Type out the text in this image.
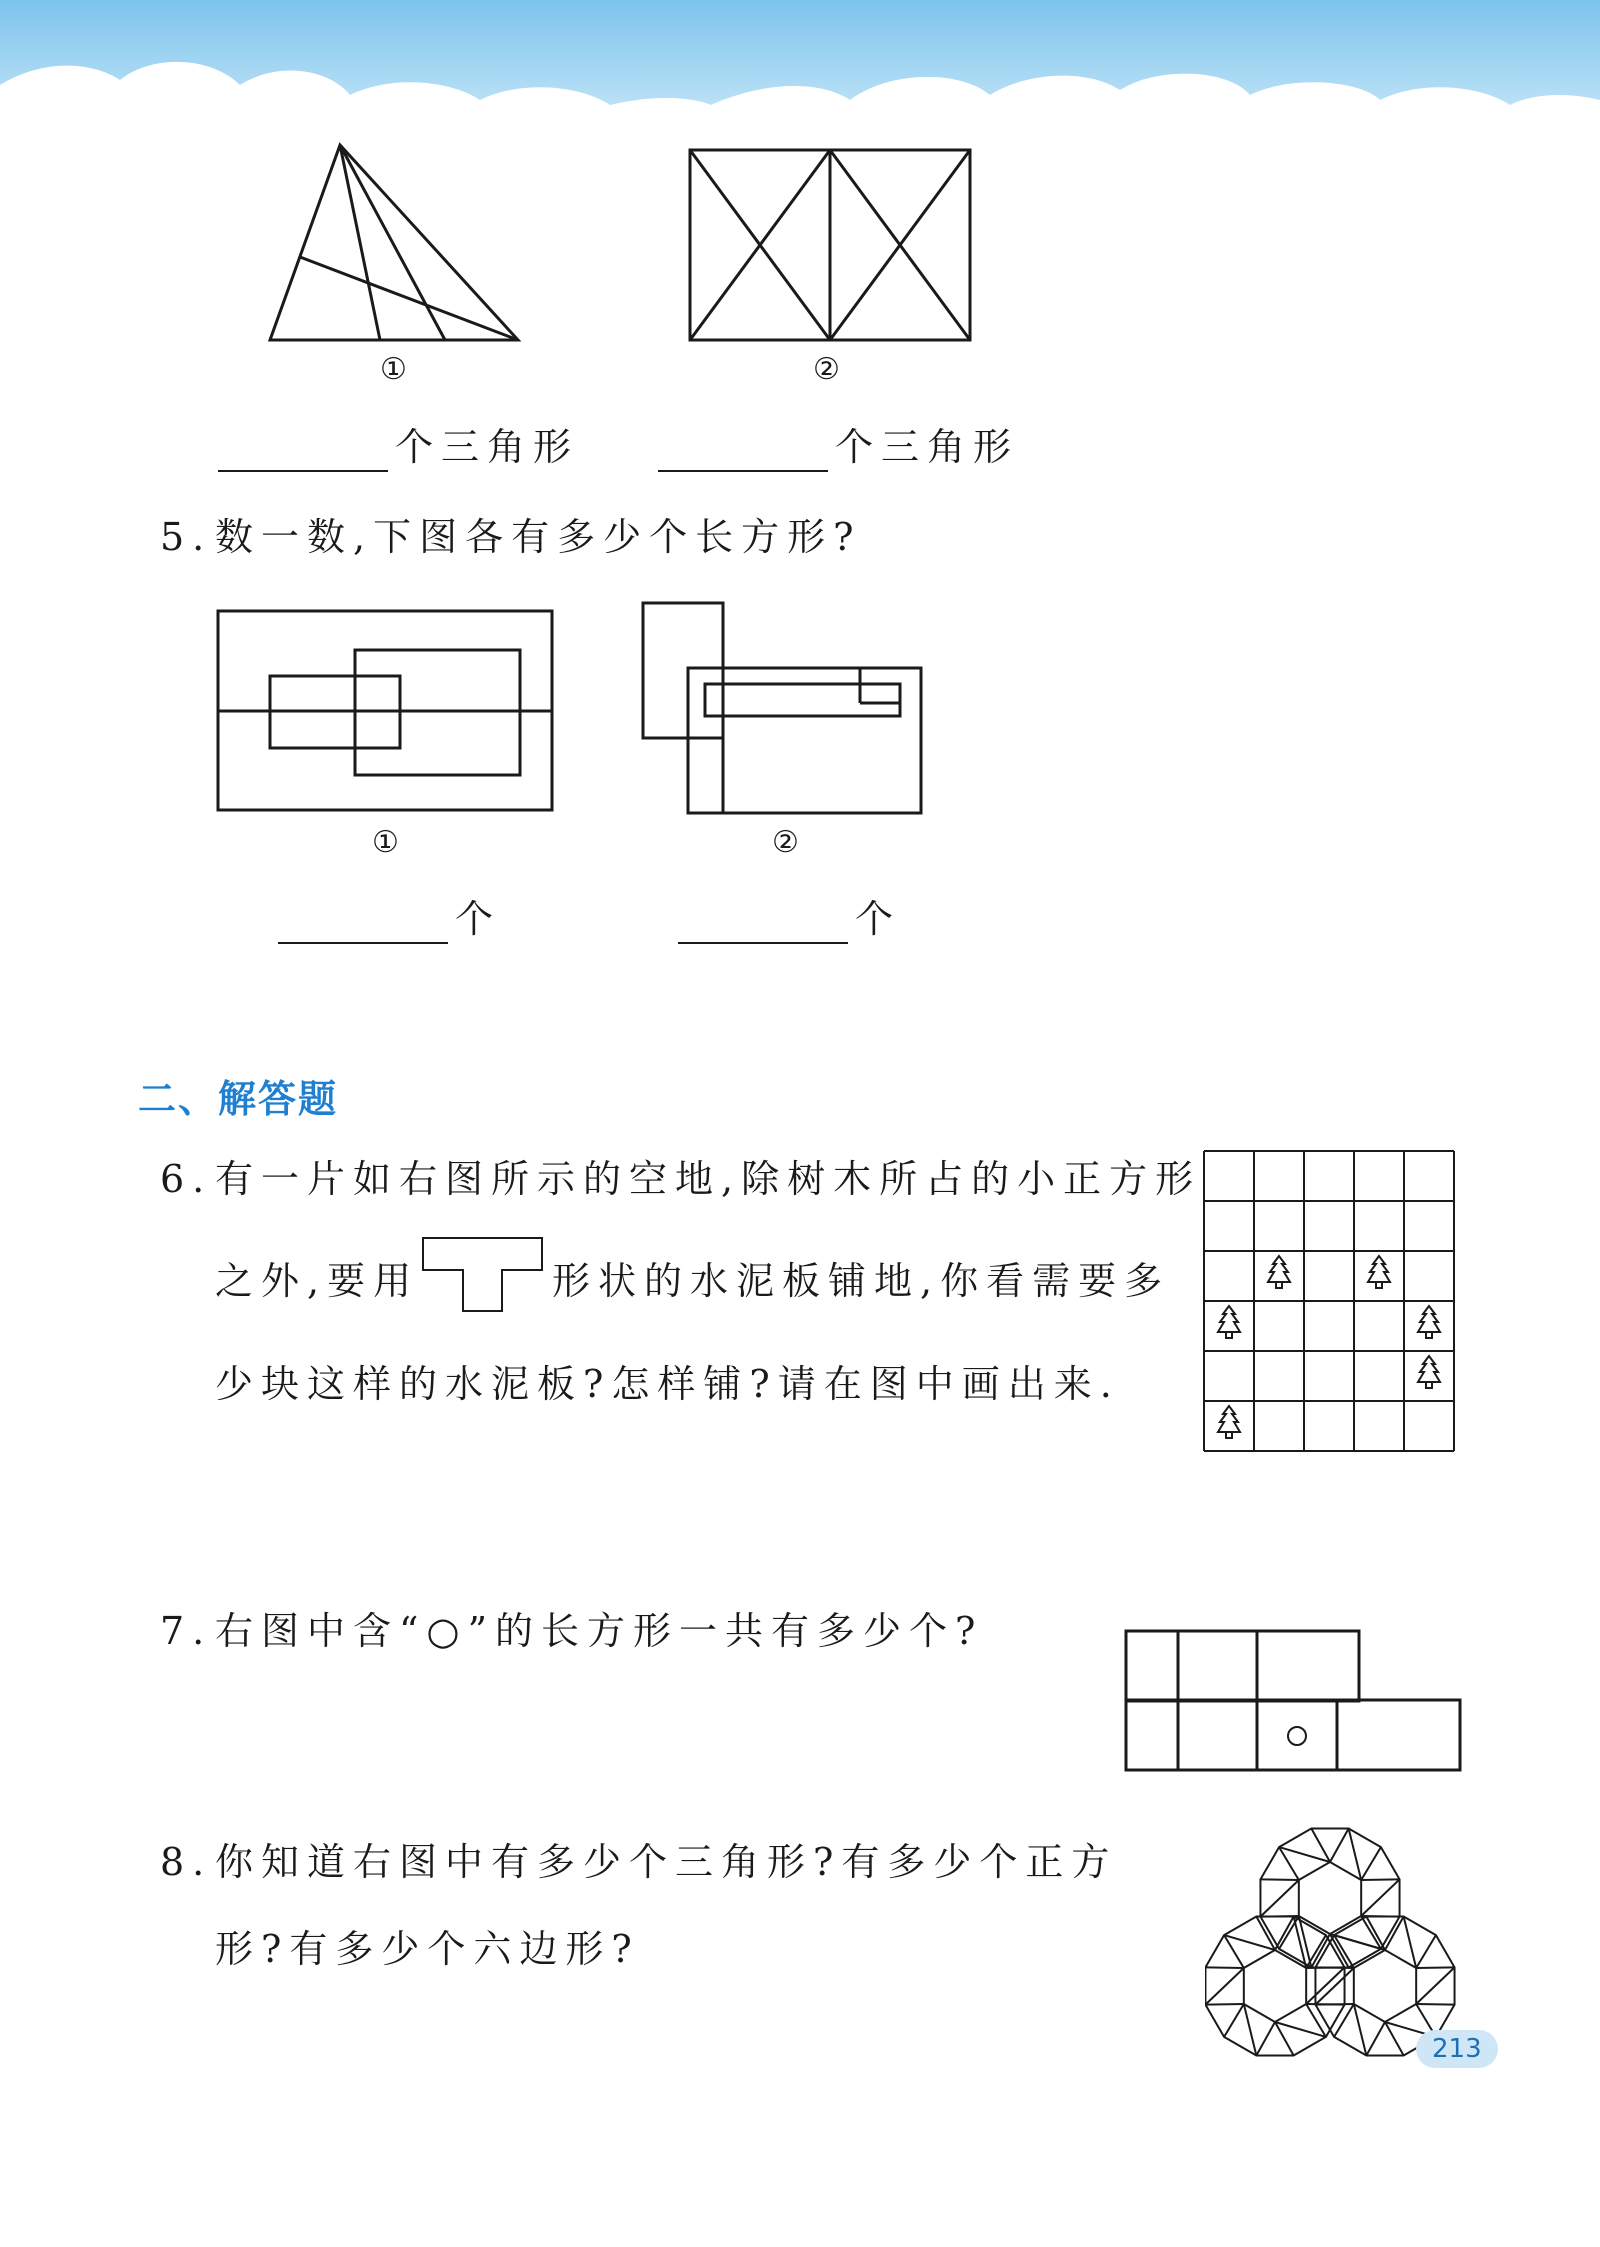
①	②
个三角形	个三角形
5. 数一数,下图各有多少个长方形?
①	②
个	个
二、解答题
6. 有一片如右图所示的空地,除树木所占的小正方形
之外,要用	形状的水泥板铺地,你看需要多
少块这样的水泥板?怎样铺?请在图中画出来.
7. 右图中含“○”的长方形一共有多少个?
8. 你知道右图中有多少个三角形?有多少个正方
形?有多少个六边形?
213
